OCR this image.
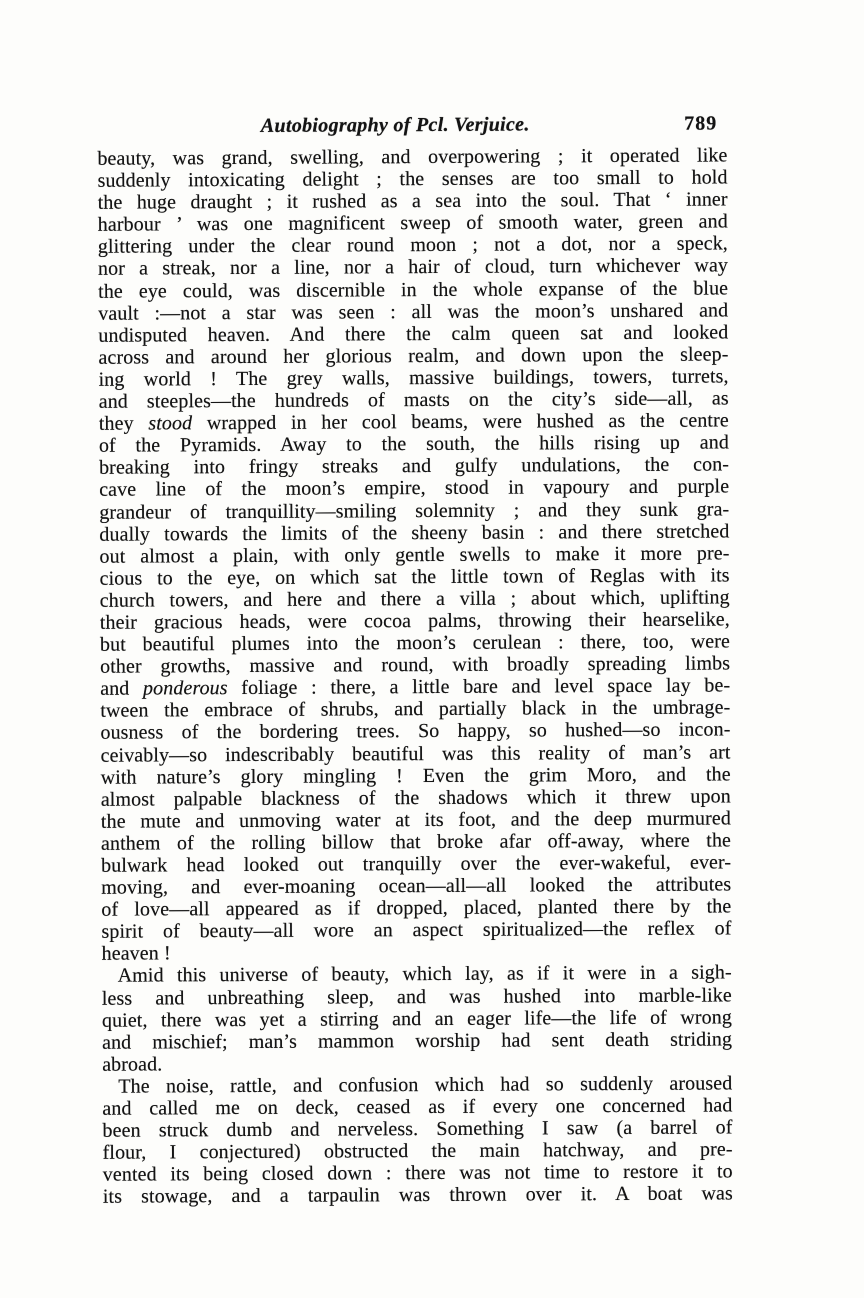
Autobiography of Pcl. Verjuice.	789
beauty, was grand, swelling, and overpowering ; it operated like
suddenly intoxicating delight ; the senses are too small to hold
the huge draught ; it rushed as a sea into the soul. That ‘ inner
harbour ’ was one magnificent sweep of smooth water, green and
glittering under the clear round moon ; not a dot, nor a speck,
nor a streak, nor a line, nor a hair of cloud, turn whichever way
the eye could, was discernible in the whole expanse of the blue
vault :—not a star was seen : all was the moon’s unshared and
undisputed heaven. And there the calm queen sat and looked
across and around her glorious realm, and down upon the sleep-
ing world ! The grey walls, massive buildings, towers, turrets,
and steeples—the hundreds of masts on the city’s side—all, as
they stood wrapped in her cool beams, were hushed as the centre
of the Pyramids. Away to the south, the hills rising up and
breaking into fringy streaks and gulfy undulations, the con-
cave line of the moon’s empire, stood in vapoury and purple
grandeur of tranquillity—smiling solemnity ; and they sunk gra-
dually towards the limits of the sheeny basin : and there stretched
out almost a plain, with only gentle swells to make it more pre-
cious to the eye, on which sat the little town of Reglas with its
church towers, and here and there a villa ; about which, uplifting
their gracious heads, were cocoa palms, throwing their hearselike,
but beautiful plumes into the moon’s cerulean : there, too, were
other growths, massive and round, with broadly spreading limbs
and ponderous foliage : there, a little bare and level space lay be-
tween the embrace of shrubs, and partially black in the umbrage-
ousness of the bordering trees. So happy, so hushed—so incon-
ceivably—so indescribably beautiful was this reality of man’s art
with nature’s glory mingling ! Even the grim Moro, and the
almost palpable blackness of the shadows which it threw upon
the mute and unmoving water at its foot, and the deep murmured
anthem of the rolling billow that broke afar off-away, where the
bulwark head looked out tranquilly over the ever-wakeful, ever-
moving, and ever-moaning ocean—all—all looked the attributes
of love—all appeared as if dropped, placed, planted there by the
spirit of beauty—all wore an aspect spiritualized—the reflex of
heaven !
Amid this universe of beauty, which lay, as if it were in a sigh-
less and unbreathing sleep, and was hushed into marble-like
quiet, there was yet a stirring and an eager life—the life of wrong
and mischief; man’s mammon worship had sent death striding
abroad.
The noise, rattle, and confusion which had so suddenly aroused
and called me on deck, ceased as if every one concerned had
been struck dumb and nerveless. Something I saw (a barrel of
flour, I conjectured) obstructed the main hatchway, and pre-
vented its being closed down : there was not time to restore it to
its stowage, and a tarpaulin was thrown over it. A boat was
